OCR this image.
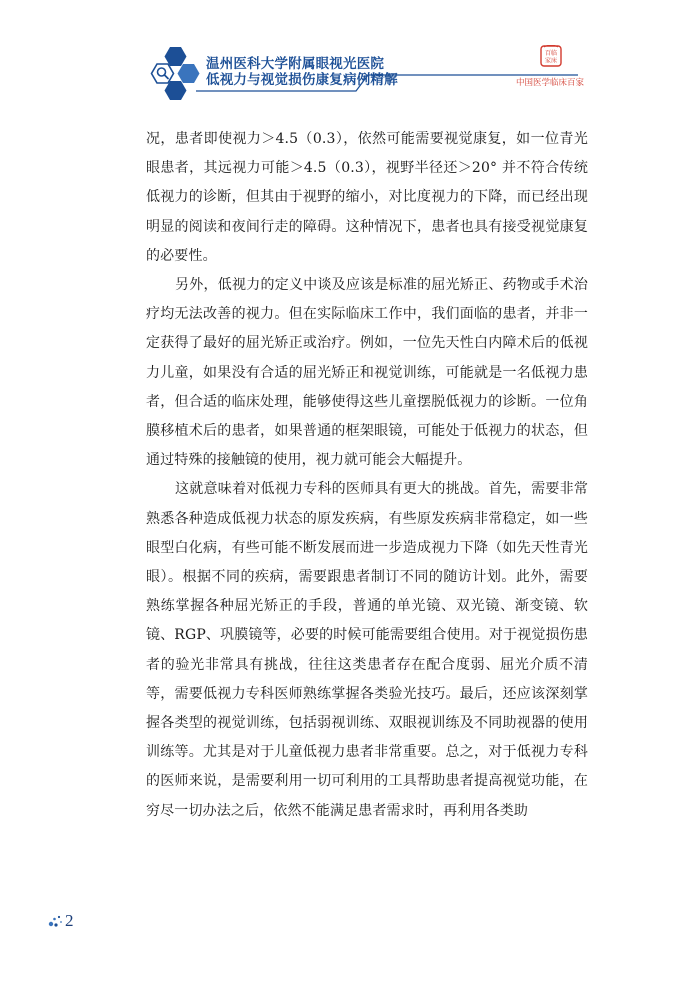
温州医科大学附属眼视光医院
低视力与视觉损伤康复病例精解
百临
家床
中国医学临床百家

况，患者即使视力＞4.5（0.3），依然可能需要视觉康复，如一位青光眼患者，其远视力可能＞4.5（0.3），视野半径还＞20° 并不符合传统低视力的诊断，但其由于视野的缩小，对比度视力的下降，而已经出现明显的阅读和夜间行走的障碍。这种情况下，患者也具有接受视觉康复的必要性。

另外，低视力的定义中谈及应该是标准的屈光矫正、药物或手术治疗均无法改善的视力。但在实际临床工作中，我们面临的患者，并非一定获得了最好的屈光矫正或治疗。例如，一位先天性白内障术后的低视力儿童，如果没有合适的屈光矫正和视觉训练，可能就是一名低视力患者，但合适的临床处理，能够使得这些儿童摆脱低视力的诊断。一位角膜移植术后的患者，如果普通的框架眼镜，可能处于低视力的状态，但通过特殊的接触镜的使用，视力就可能会大幅提升。

这就意味着对低视力专科的医师具有更大的挑战。首先，需要非常熟悉各种造成低视力状态的原发疾病，有些原发疾病非常稳定，如一些眼型白化病，有些可能不断发展而进一步造成视力下降（如先天性青光眼）。根据不同的疾病，需要跟患者制订不同的随访计划。此外，需要熟练掌握各种屈光矫正的手段，普通的单光镜、双光镜、渐变镜、软镜、RGP、巩膜镜等，必要的时候可能需要组合使用。对于视觉损伤患者的验光非常具有挑战，往往这类患者存在配合度弱、屈光介质不清等，需要低视力专科医师熟练掌握各类验光技巧。最后，还应该深刻掌握各类型的视觉训练，包括弱视训练、双眼视训练及不同助视器的使用训练等。尤其是对于儿童低视力患者非常重要。总之，对于低视力专科的医师来说，是需要利用一切可利用的工具帮助患者提高视觉功能，在穷尽一切办法之后，依然不能满足患者需求时，再利用各类助

2
